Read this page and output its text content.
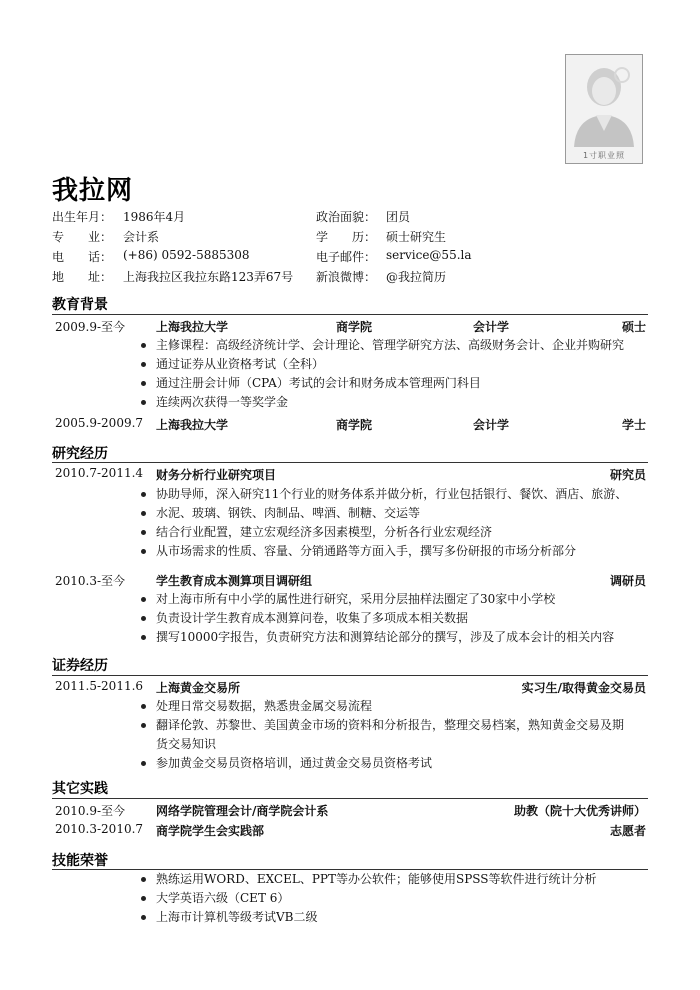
1寸职业照
我拉网
出生年月： 1986年4月	政治面貌： 团员
专　　业： 会计系	学　　历： 硕士研究生
电　　话： (+86) 0592-5885308	电子邮件： service@55.la
地　　址： 上海我拉区我拉东路123弄67号 新浪微博： @我拉简历
教育背景
2009.9-至今	上海我拉大学	商学院	会计学	硕士
主修课程：高级经济统计学、会计理论、管理学研究方法、高级财务会计、企业并购研究
通过证券从业资格考试（全科）
通过注册会计师（CPA）考试的会计和财务成本管理两门科目
连续两次获得一等奖学金
2005.9-2009.7 上海我拉大学	商学院	会计学	学士
研究经历
2010.7-2011.4 财务分析行业研究项目	研究员
协助导师，深入研究11个行业的财务体系并做分析，行业包括银行、餐饮、酒店、旅游、
水泥、玻璃、钢铁、肉制品、啤酒、制糖、交运等
结合行业配置，建立宏观经济多因素模型，分析各行业宏观经济
从市场需求的性质、容量、分销通路等方面入手，撰写多份研报的市场分析部分
2010.3-至今	学生教育成本测算项目调研组	调研员
对上海市所有中小学的属性进行研究，采用分层抽样法圈定了30家中小学校
负责设计学生教育成本测算问卷，收集了多项成本相关数据
撰写10000字报告，负责研究方法和测算结论部分的撰写，涉及了成本会计的相关内容
证券经历
2011.5-2011.6 上海黄金交易所	实习生/取得黄金交易员
处理日常交易数据，熟悉贵金属交易流程
翻译伦敦、苏黎世、美国黄金市场的资料和分析报告，整理交易档案，熟知黄金交易及期
货交易知识
参加黄金交易员资格培训，通过黄金交易员资格考试
其它实践
2010.9-至今	网络学院管理会计/商学院会计系	助教（院十大优秀讲师）
2010.3-2010.7 商学院学生会实践部	志愿者
技能荣誉
熟练运用WORD、EXCEL、PPT等办公软件；能够使用SPSS等软件进行统计分析
大学英语六级（CET 6）
上海市计算机等级考试VB二级
